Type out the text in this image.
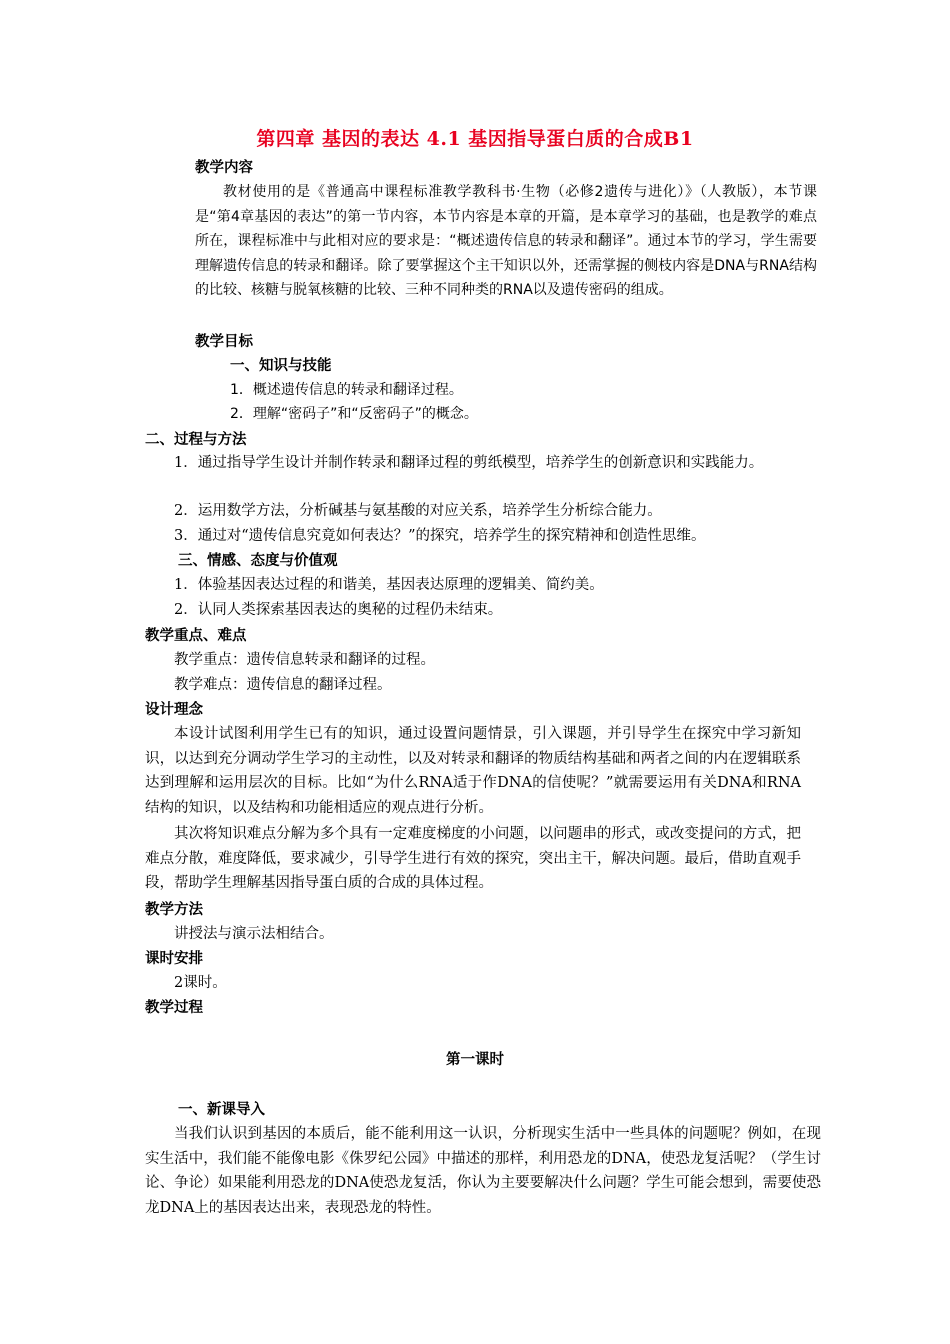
第四章 基因的表达 4.1 基因指导蛋白质的合成B1
教学内容
教材使用的是《普通高中课程标准教学教科书·生物（必修2遗传与进化）》（人教版），本节课是“第4章基因的表达”的第一节内容，本节内容是本章的开篇，是本章学习的基础，也是教学的难点所在，课程标准中与此相对应的要求是：“概述遗传信息的转录和翻译”。通过本节的学习，学生需要理解遗传信息的转录和翻译。除了要掌握这个主干知识以外，还需掌握的侧枝内容是DNA与RNA结构的比较、核糖与脱氧核糖的比较、三种不同种类的RNA以及遗传密码的组成。
教学目标
一、知识与技能
1．概述遗传信息的转录和翻译过程。
2．理解“密码子”和“反密码子”的概念。
二、过程与方法
1．通过指导学生设计并制作转录和翻译过程的剪纸模型，培养学生的创新意识和实践能力。
2．运用数学方法，分析碱基与氨基酸的对应关系，培养学生分析综合能力。
3．通过对“遗传信息究竟如何表达？”的探究，培养学生的探究精神和创造性思维。
三、情感、态度与价值观
1．体验基因表达过程的和谐美，基因表达原理的逻辑美、简约美。
2．认同人类探索基因表达的奥秘的过程仍未结束。
教学重点、难点
教学重点：遗传信息转录和翻译的过程。
教学难点：遗传信息的翻译过程。
设计理念
本设计试图利用学生已有的知识，通过设置问题情景，引入课题，并引导学生在探究中学习新知识，以达到充分调动学生学习的主动性，以及对转录和翻译的物质结构基础和两者之间的内在逻辑联系达到理解和运用层次的目标。比如“为什么RNA适于作DNA的信使呢？”就需要运用有关DNA和RNA结构的知识，以及结构和功能相适应的观点进行分析。
其次将知识难点分解为多个具有一定难度梯度的小问题，以问题串的形式，或改变提问的方式，把难点分散，难度降低，要求减少，引导学生进行有效的探究，突出主干，解决问题。最后，借助直观手段，帮助学生理解基因指导蛋白质的合成的具体过程。
教学方法
讲授法与演示法相结合。
课时安排
2课时。
教学过程
第一课时
一、新课导入
当我们认识到基因的本质后，能不能利用这一认识，分析现实生活中一些具体的问题呢？例如，在现实生活中，我们能不能像电影《侏罗纪公园》中描述的那样，利用恐龙的DNA，使恐龙复活呢？（学生讨论、争论）如果能利用恐龙的DNA使恐龙复活，你认为主要要解决什么问题？学生可能会想到，需要使恐龙DNA上的基因表达出来，表现恐龙的特性。
